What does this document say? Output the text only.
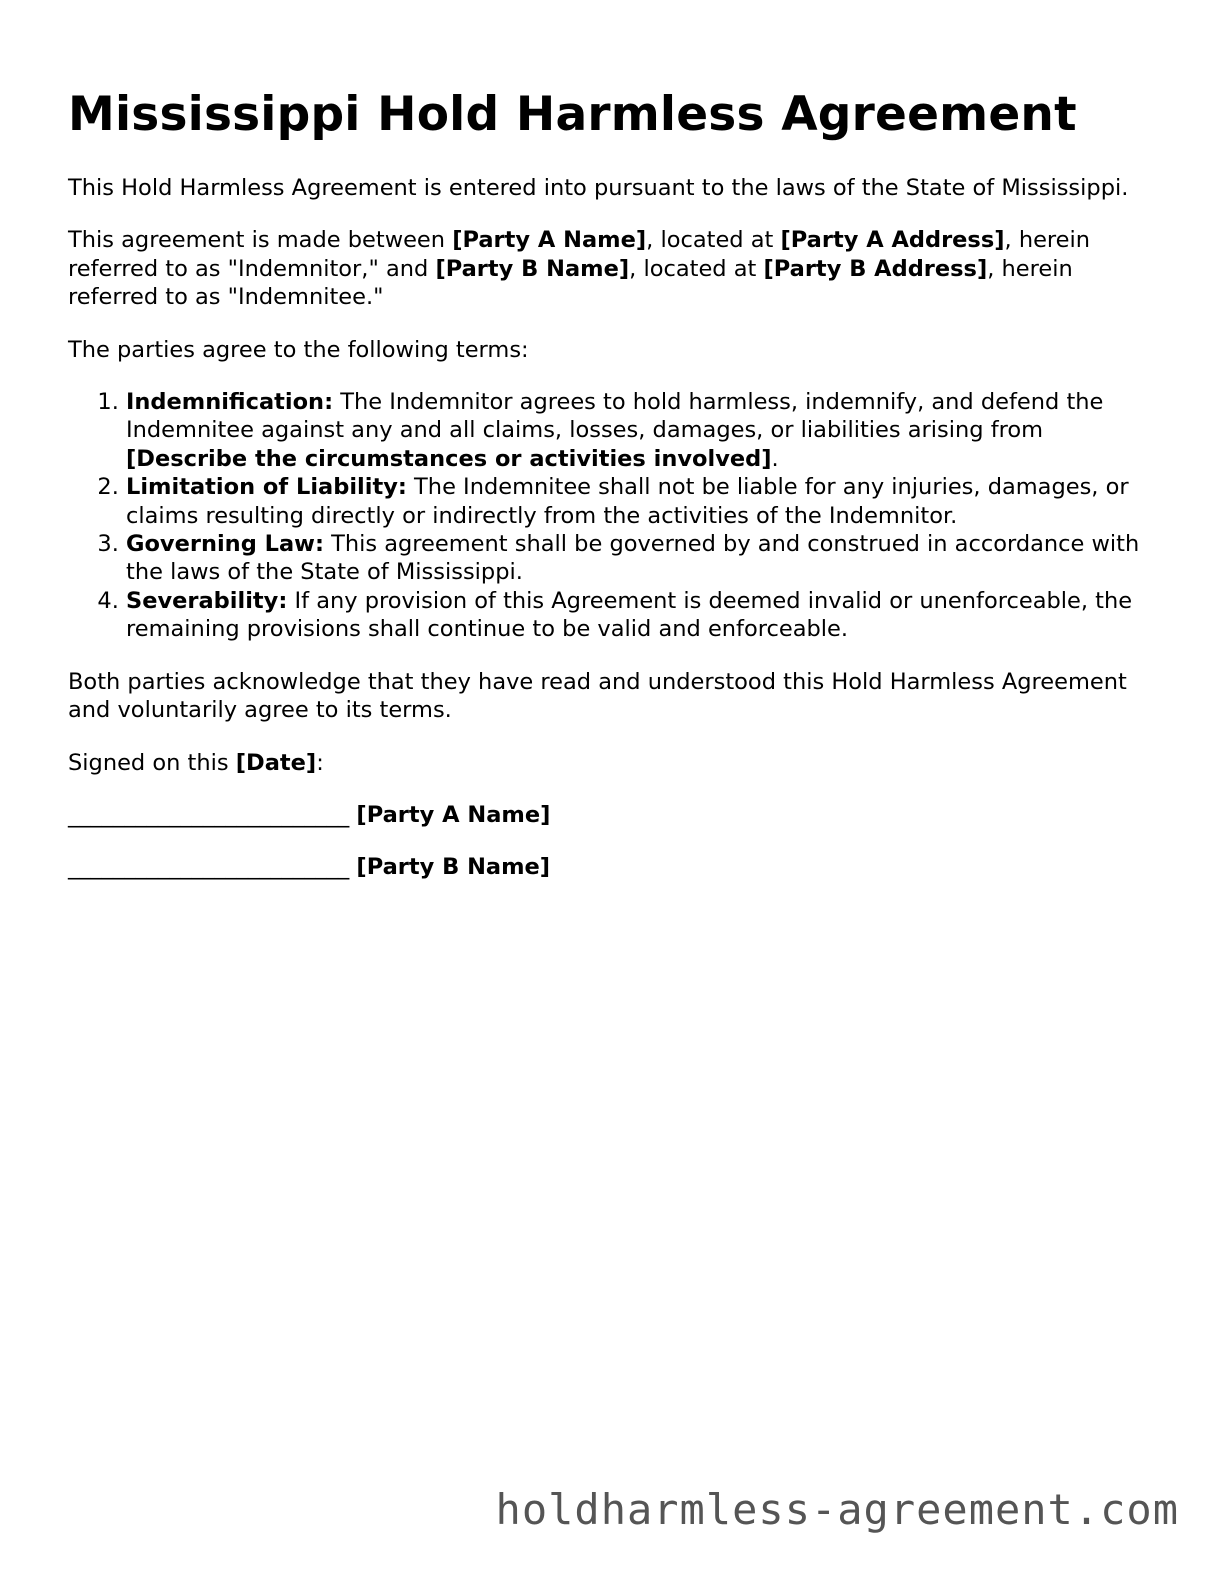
Mississippi Hold Harmless Agreement

This Hold Harmless Agreement is entered into pursuant to the laws of the State of Mississippi.

This agreement is made between [Party A Name], located at [Party A Address], herein referred to as "Indemnitor," and [Party B Name], located at [Party B Address], herein referred to as "Indemnitee."

The parties agree to the following terms:

1. Indemnification: The Indemnitor agrees to hold harmless, indemnify, and defend the Indemnitee against any and all claims, losses, damages, or liabilities arising from [Describe the circumstances or activities involved].
2. Limitation of Liability: The Indemnitee shall not be liable for any injuries, damages, or claims resulting directly or indirectly from the activities of the Indemnitor.
3. Governing Law: This agreement shall be governed by and construed in accordance with the laws of the State of Mississippi.
4. Severability: If any provision of this Agreement is deemed invalid or unenforceable, the remaining provisions shall continue to be valid and enforceable.

Both parties acknowledge that they have read and understood this Hold Harmless Agreement and voluntarily agree to its terms.

Signed on this [Date]:

_________________________ [Party A Name]
_________________________ [Party B Name]
holdharmless-agreement.com
